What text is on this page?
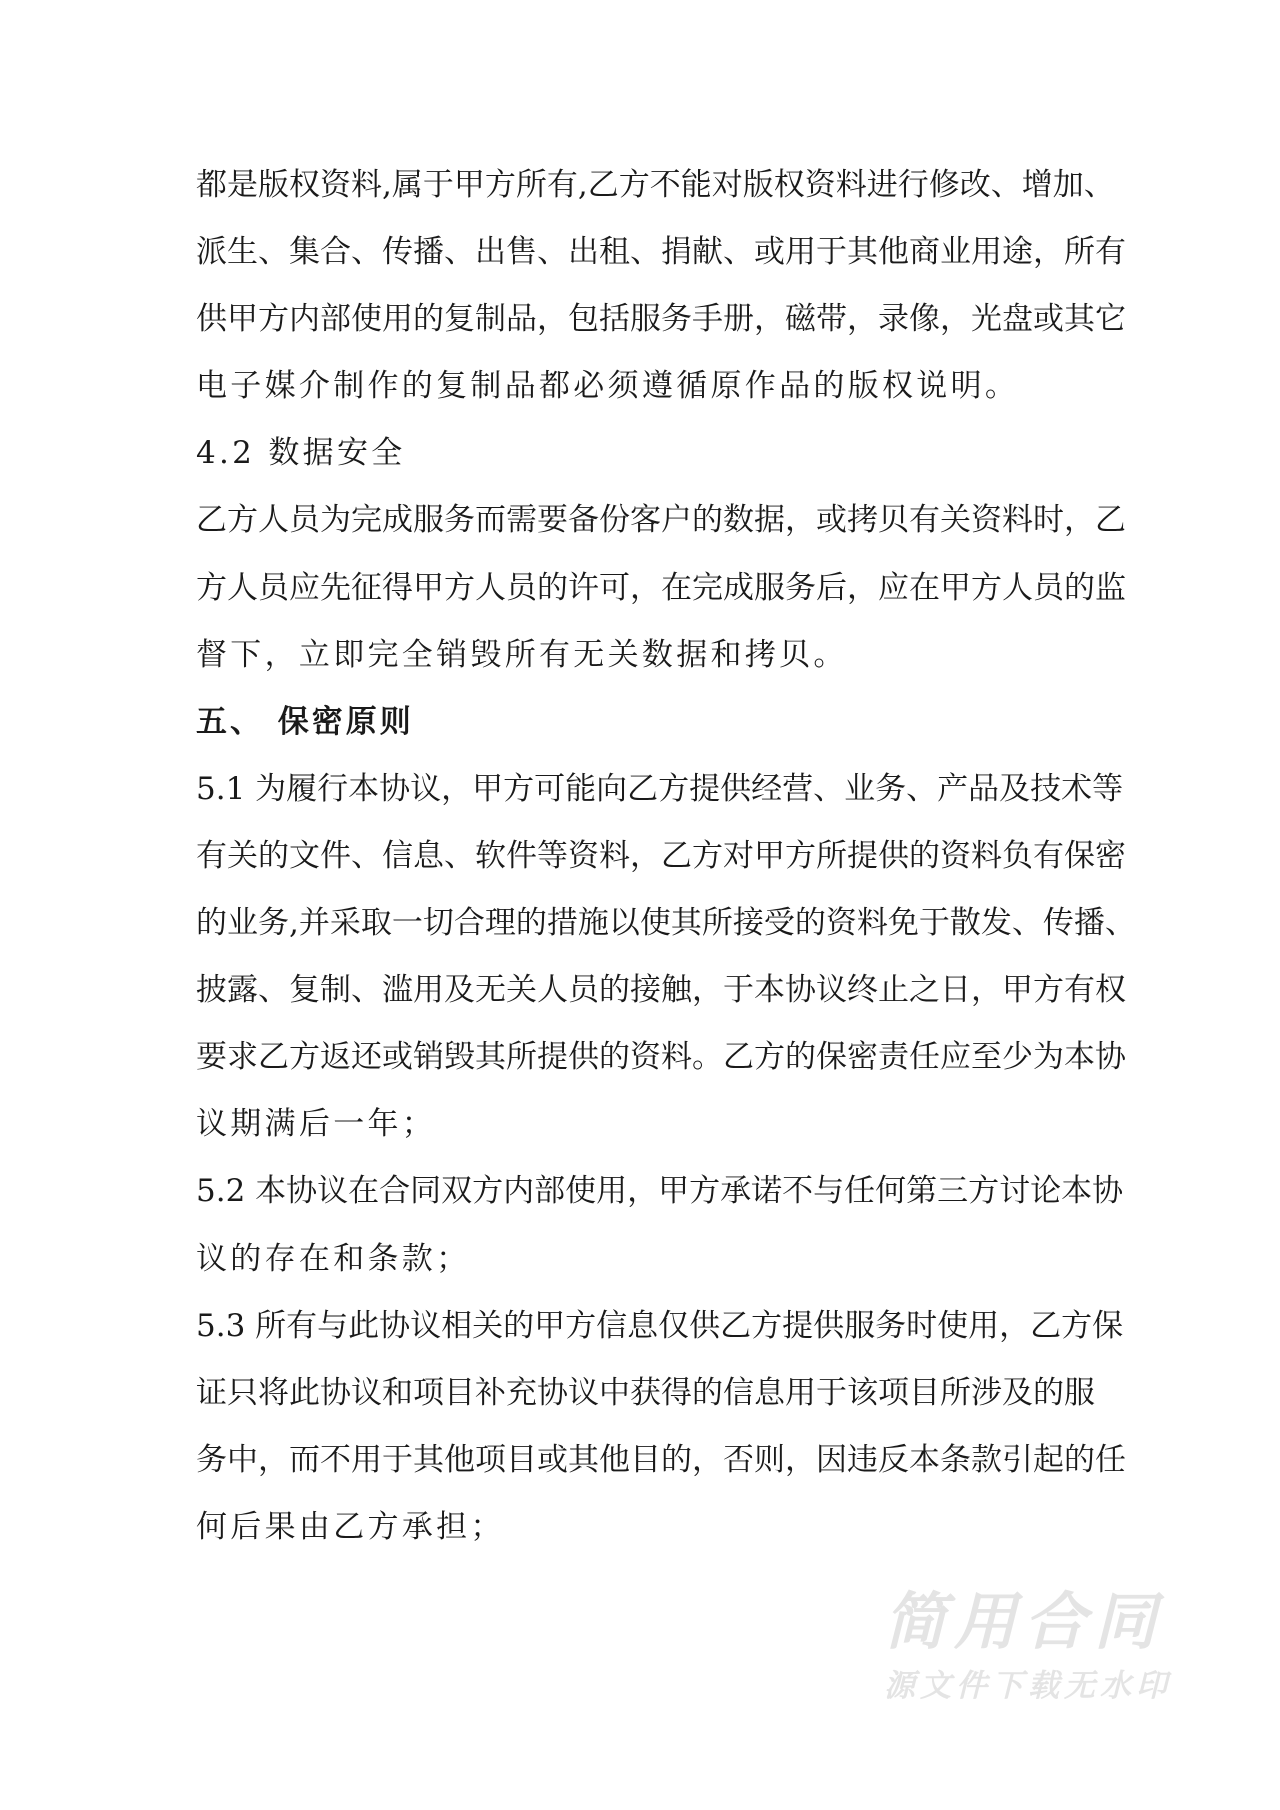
都是版权资料,属于甲方所有,乙方不能对版权资料进行修改、增加、
派生、集合、传播、出售、出租、捐献、或用于其他商业用途，所有
供甲方内部使用的复制品，包括服务手册，磁带，录像，光盘或其它
电子媒介制作的复制品都必须遵循原作品的版权说明。
4.2 数据安全
乙方人员为完成服务而需要备份客户的数据，或拷贝有关资料时，乙
方人员应先征得甲方人员的许可，在完成服务后，应在甲方人员的监
督下，立即完全销毁所有无关数据和拷贝。
五、 保密原则
5.1 为履行本协议，甲方可能向乙方提供经营、业务、产品及技术等
有关的文件、信息、软件等资料，乙方对甲方所提供的资料负有保密
的业务,并采取一切合理的措施以使其所接受的资料免于散发、传播、
披露、复制、滥用及无关人员的接触，于本协议终止之日，甲方有权
要求乙方返还或销毁其所提供的资料。乙方的保密责任应至少为本协
议期满后一年；
5.2 本协议在合同双方内部使用，甲方承诺不与任何第三方讨论本协
议的存在和条款；
5.3 所有与此协议相关的甲方信息仅供乙方提供服务时使用，乙方保
证只将此协议和项目补充协议中获得的信息用于该项目所涉及的服
务中，而不用于其他项目或其他目的，否则，因违反本条款引起的任
何后果由乙方承担；
简用合同
源文件下载无水印
